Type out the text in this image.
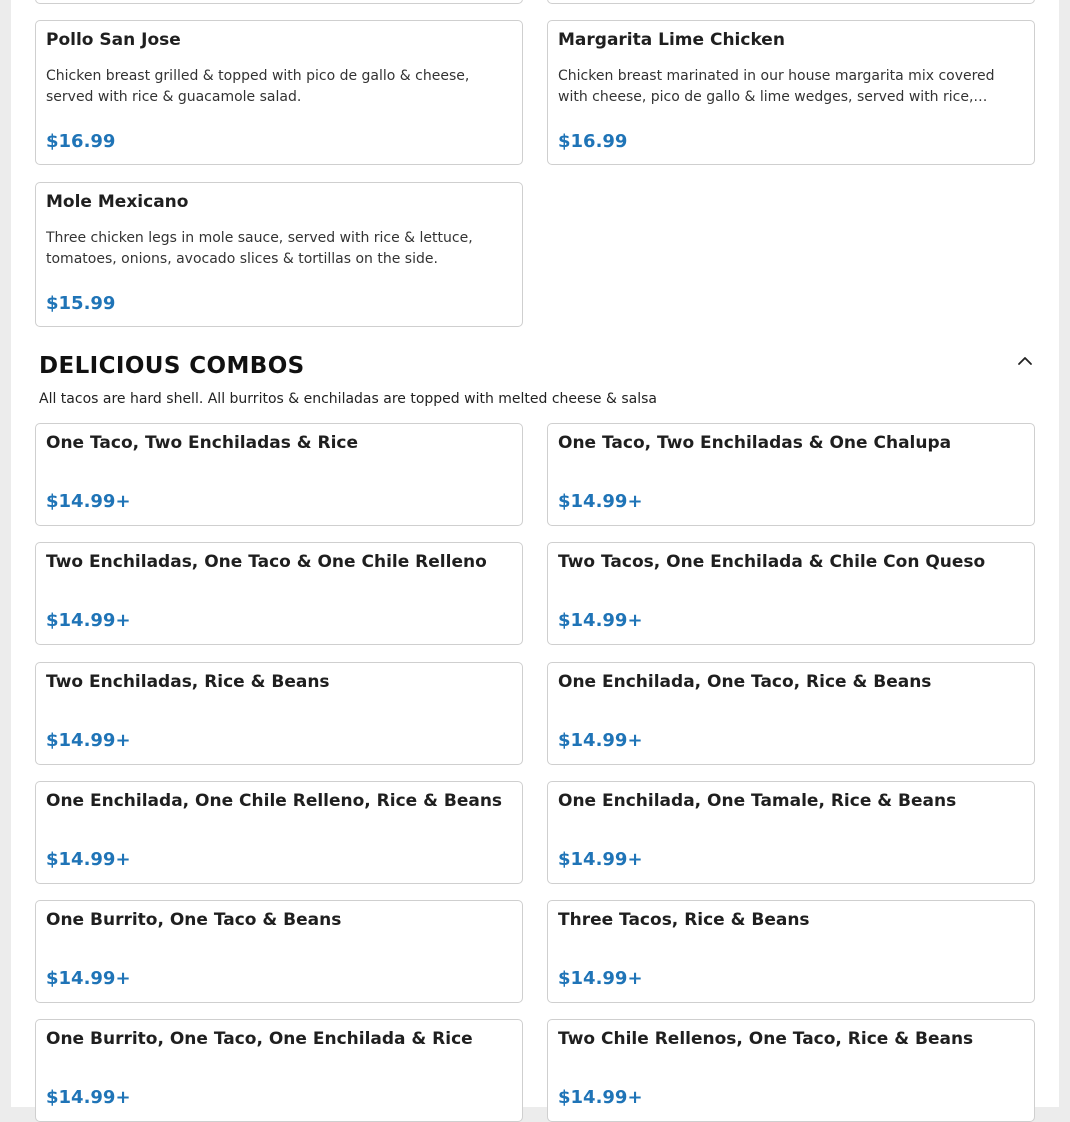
Pollo San Jose
Chicken breast grilled & topped with pico de gallo & cheese, served with rice & guacamole salad.
$16.99
Margarita Lime Chicken
Chicken breast marinated in our house margarita mix covered with cheese, pico de gallo & lime wedges, served with rice,…
$16.99
Mole Mexicano
Three chicken legs in mole sauce, served with rice & lettuce, tomatoes, onions, avocado slices & tortillas on the side.
$15.99
DELICIOUS COMBOS
All tacos are hard shell. All burritos & enchiladas are topped with melted cheese & salsa
One Taco, Two Enchiladas & Rice
$14.99+
One Taco, Two Enchiladas & One Chalupa
$14.99+
Two Enchiladas, One Taco & One Chile Relleno
$14.99+
Two Tacos, One Enchilada & Chile Con Queso
$14.99+
Two Enchiladas, Rice & Beans
$14.99+
One Enchilada, One Taco, Rice & Beans
$14.99+
One Enchilada, One Chile Relleno, Rice & Beans
$14.99+
One Enchilada, One Tamale, Rice & Beans
$14.99+
One Burrito, One Taco & Beans
$14.99+
Three Tacos, Rice & Beans
$14.99+
One Burrito, One Taco, One Enchilada & Rice
$14.99+
Two Chile Rellenos, One Taco, Rice & Beans
$14.99+
